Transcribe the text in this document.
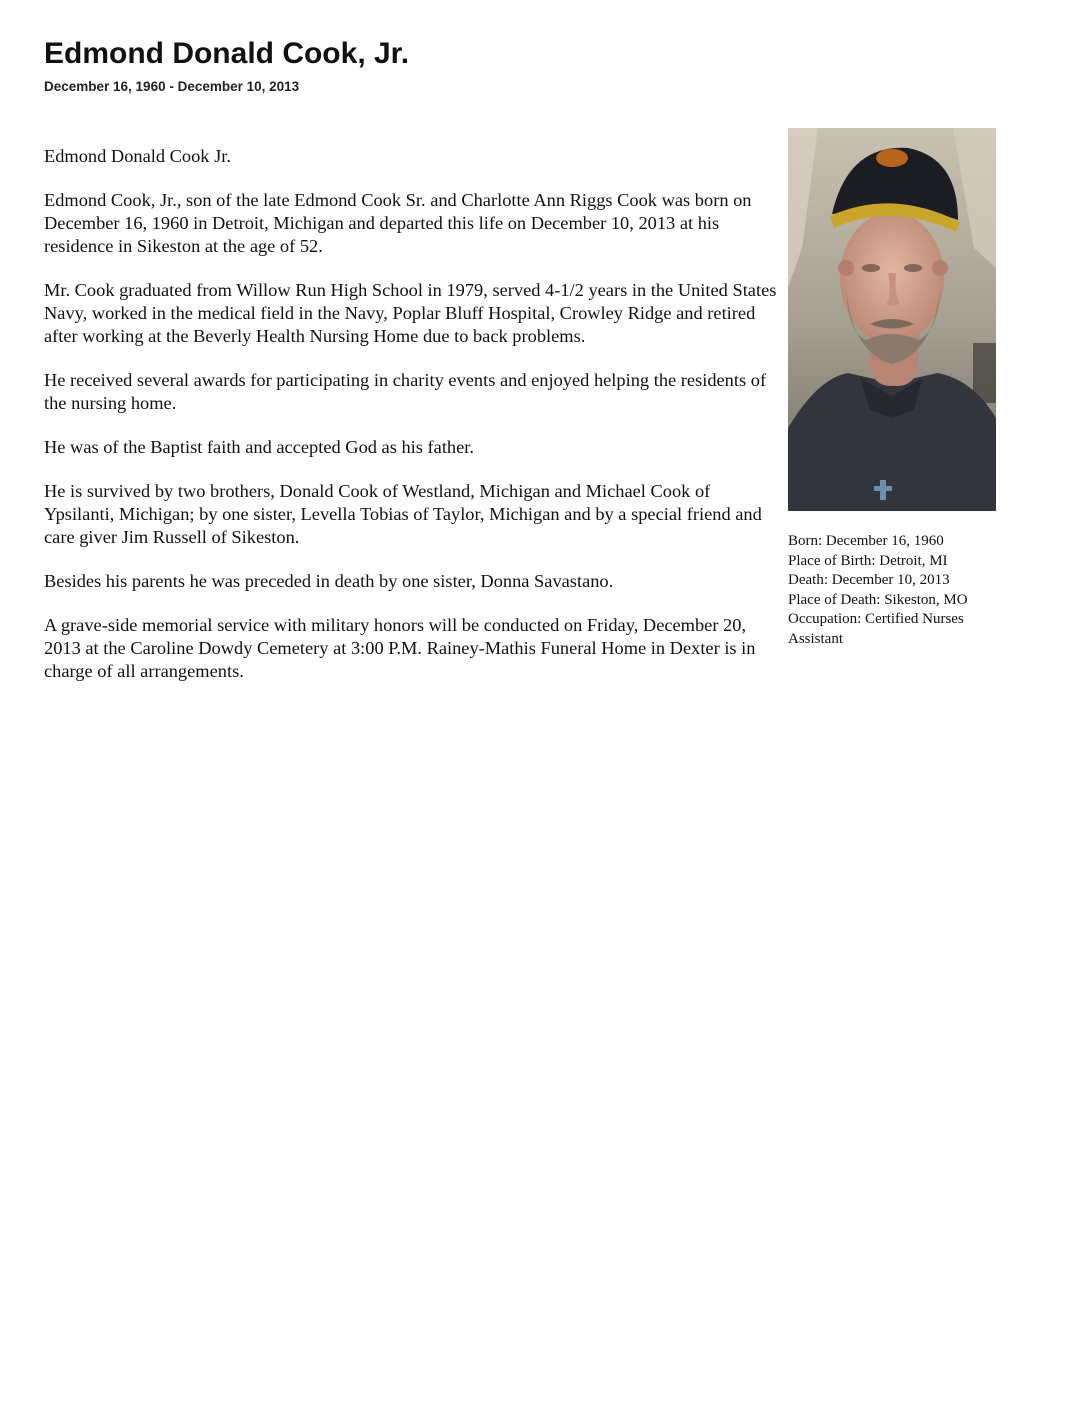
Edmond Donald Cook, Jr.
December 16, 1960 - December 10, 2013

Edmond Donald Cook Jr.

Edmond Cook, Jr., son of the late Edmond Cook Sr. and Charlotte Ann Riggs Cook was born on December 16, 1960 in Detroit, Michigan and departed this life on December 10, 2013 at his residence in Sikeston at the age of 52.

Mr. Cook graduated from Willow Run High School in 1979, served 4-1/2 years in the United States Navy, worked in the medical field in the Navy, Poplar Bluff Hospital, Crowley Ridge and retired after working at the Beverly Health Nursing Home due to back problems.

He received several awards for participating in charity events and enjoyed helping the residents of the nursing home.

He was of the Baptist faith and accepted God as his father.

He is survived by two brothers, Donald Cook of Westland, Michigan and Michael Cook of Ypsilanti, Michigan; by one sister, Levella Tobias of Taylor, Michigan and by a special friend and care giver Jim Russell of Sikeston.

Besides his parents he was preceded in death by one sister, Donna Savastano.

A grave-side memorial service with military honors will be conducted on Friday, December 20, 2013 at the Caroline Dowdy Cemetery at 3:00 P.M. Rainey-Mathis Funeral Home in Dexter is in charge of all arrangements.

Born: December 16, 1960
Place of Birth: Detroit, MI
Death: December 10, 2013
Place of Death: Sikeston, MO
Occupation: Certified Nurses Assistant
